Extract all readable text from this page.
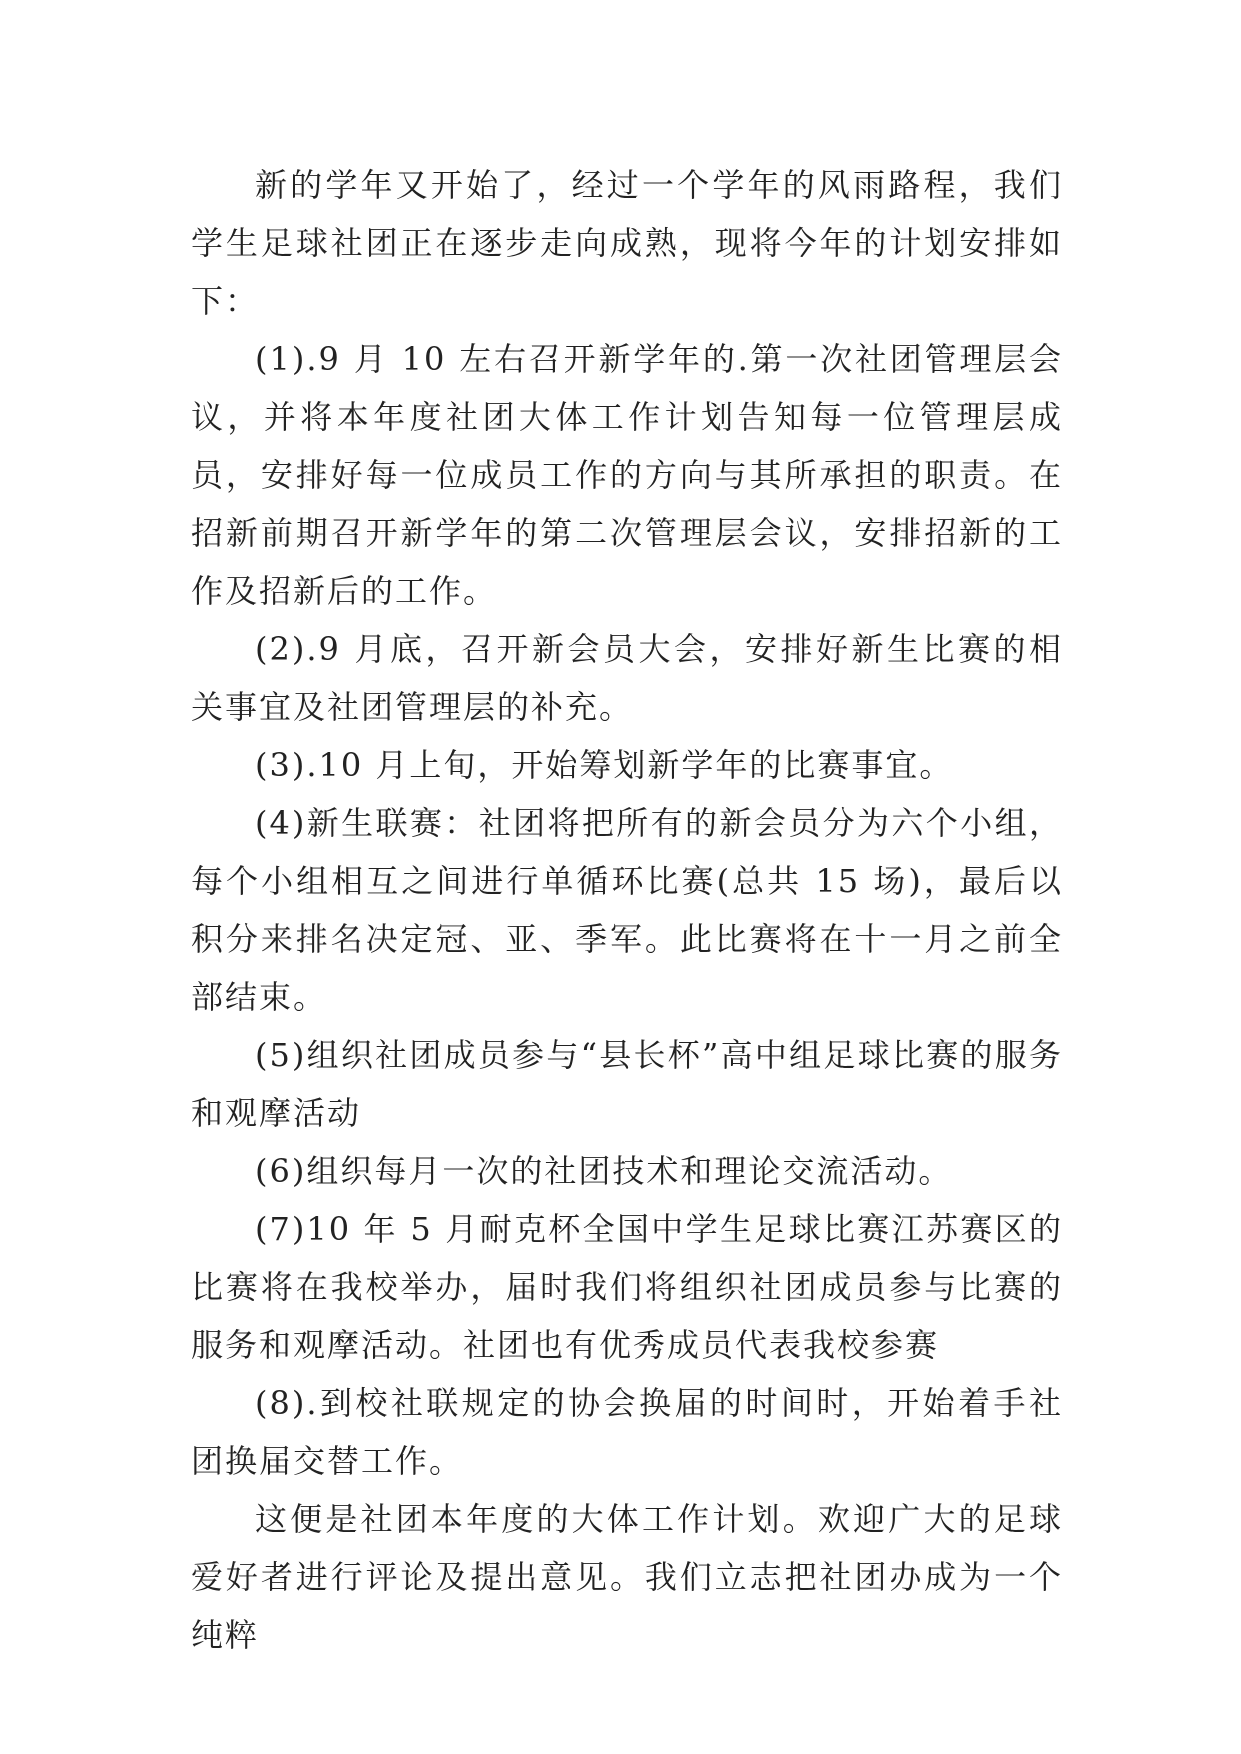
新的学年又开始了，经过一个学年的风雨路程，我们学生足球社团正在逐步走向成熟，现将今年的计划安排如下：

(1).9 月 10 左右召开新学年的.第一次社团管理层会议，并将本年度社团大体工作计划告知每一位管理层成员，安排好每一位成员工作的方向与其所承担的职责。在招新前期召开新学年的第二次管理层会议，安排招新的工作及招新后的工作。

(2).9 月底，召开新会员大会，安排好新生比赛的相关事宜及社团管理层的补充。

(3).10 月上旬，开始筹划新学年的比赛事宜。

(4)新生联赛：社团将把所有的新会员分为六个小组，每个小组相互之间进行单循环比赛(总共 15 场)，最后以积分来排名决定冠、亚、季军。此比赛将在十一月之前全部结束。

(5)组织社团成员参与“县长杯”高中组足球比赛的服务和观摩活动

(6)组织每月一次的社团技术和理论交流活动。

(7)10 年 5 月耐克杯全国中学生足球比赛江苏赛区的比赛将在我校举办，届时我们将组织社团成员参与比赛的服务和观摩活动。社团也有优秀成员代表我校参赛

(8).到校社联规定的协会换届的时间时，开始着手社团换届交替工作。

这便是社团本年度的大体工作计划。欢迎广大的足球爱好者进行评论及提出意见。我们立志把社团办成为一个纯粹
